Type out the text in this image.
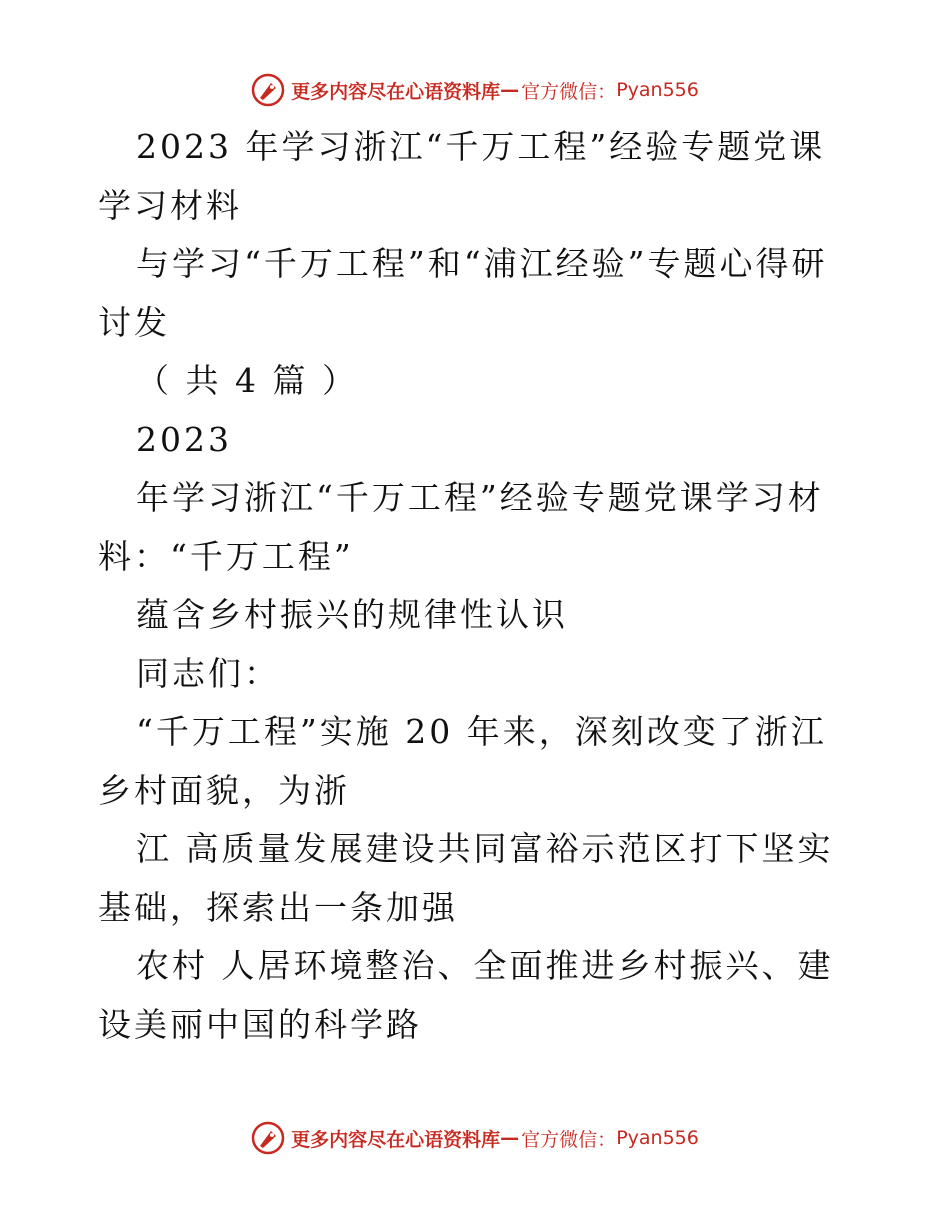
更多内容尽在心语资料库 — 官方微信： Pyan556

2023 年学习浙江“千万工程”经验专题党课学习材料

与学习“千万工程”和“浦江经验”专题心得研讨发

（ 共 4 篇 ）

2023

年学习浙江“千万工程”经验专题党课学习材料：“千万工程”

蕴含乡村振兴的规律性认识

同志们：

“千万工程”实施 20 年来，深刻改变了浙江乡村面貌，为浙

江 高质量发展建设共同富裕示范区打下坚实基础，探索出一条加强

农村 人居环境整治、全面推进乡村振兴、建设美丽中国的科学路

更多内容尽在心语资料库 — 官方微信： Pyan556
